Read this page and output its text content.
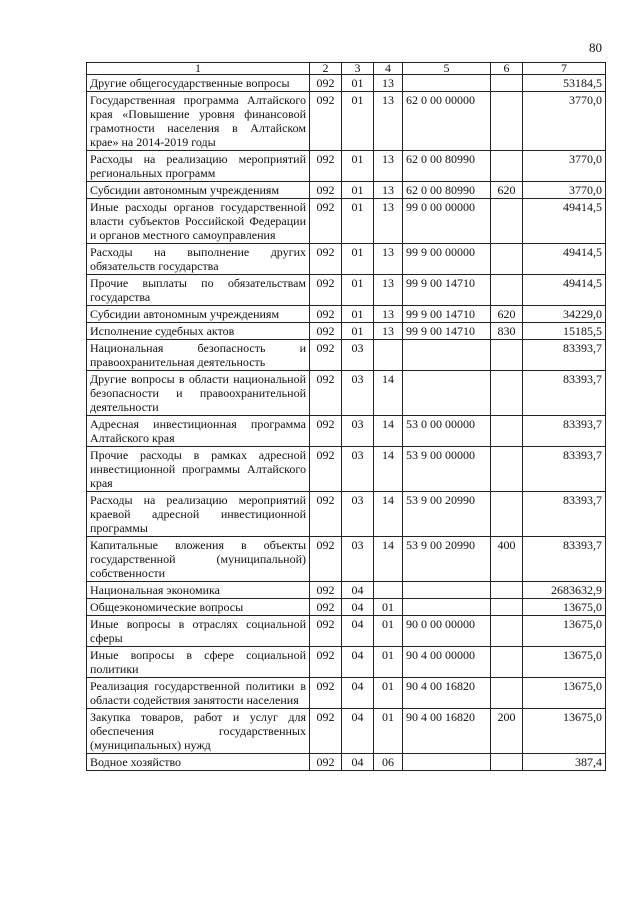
80
1	2	3	4	5	6	7
Другие общегосударственные вопросы	092	01	13			53184,5
Государственная программа Алтайского края «Повышение уровня финансовой грамотности населения в Алтайском крае» на 2014-2019 годы	092	01	13	62 0 00 00000		3770,0
Расходы на реализацию мероприятий региональных программ	092	01	13	62 0 00 80990		3770,0
Субсидии автономным учреждениям	092	01	13	62 0 00 80990	620	3770,0
Иные расходы органов государственной власти субъектов Российской Федерации и органов местного самоуправления	092	01	13	99 0 00 00000		49414,5
Расходы на выполнение других обязательств государства	092	01	13	99 9 00 00000		49414,5
Прочие выплаты по обязательствам государства	092	01	13	99 9 00 14710		49414,5
Субсидии автономным учреждениям	092	01	13	99 9 00 14710	620	34229,0
Исполнение судебных актов	092	01	13	99 9 00 14710	830	15185,5
Национальная безопасность и правоохранительная деятельность	092	03				83393,7
Другие вопросы в области национальной безопасности и правоохранительной деятельности	092	03	14			83393,7
Адресная инвестиционная программа Алтайского края	092	03	14	53 0 00 00000		83393,7
Прочие расходы в рамках адресной инвестиционной программы Алтайского края	092	03	14	53 9 00 00000		83393,7
Расходы на реализацию мероприятий краевой адресной инвестиционной программы	092	03	14	53 9 00 20990		83393,7
Капитальные вложения в объекты государственной (муниципальной) собственности	092	03	14	53 9 00 20990	400	83393,7
Национальная экономика	092	04				2683632,9
Общеэкономические вопросы	092	04	01			13675,0
Иные вопросы в отраслях социальной сферы	092	04	01	90 0 00 00000		13675,0
Иные вопросы в сфере социальной политики	092	04	01	90 4 00 00000		13675,0
Реализация государственной политики в области содействия занятости населения	092	04	01	90 4 00 16820		13675,0
Закупка товаров, работ и услуг для обеспечения государственных (муниципальных) нужд	092	04	01	90 4 00 16820	200	13675,0
Водное хозяйство	092	04	06			387,4
